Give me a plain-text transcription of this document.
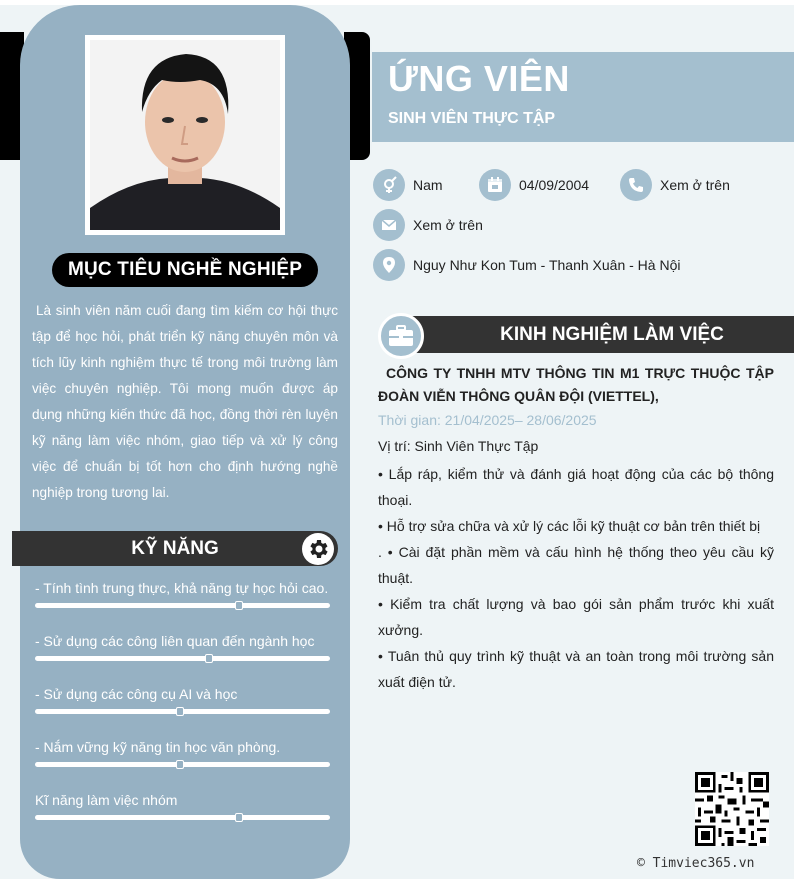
MỤC TIÊU NGHỀ NGHIỆP
Là sinh viên năm cuối đang tìm kiếm cơ hội thực tập để học hỏi, phát triển kỹ năng chuyên môn và tích lũy kinh nghiệm thực tế trong môi trường làm việc chuyên nghiệp. Tôi mong muốn được áp dụng những kiến thức đã học, đồng thời rèn luyện kỹ năng làm việc nhóm, giao tiếp và xử lý công việc để chuẩn bị tốt hơn cho định hướng nghề nghiệp trong tương lai.
KỸ NĂNG
- Tính tình trung thực, khả năng tự học hỏi cao.
- Sử dụng các công liên quan đến ngành học
- Sử dụng các công cụ AI và học
- Nắm vững kỹ năng tin học văn phòng.
Kĩ năng làm việc nhóm
ỨNG VIÊN
SINH VIÊN THỰC TẬP
Nam	04/09/2004	Xem ở trên
Xem ở trên
Nguy Như Kon Tum - Thanh Xuân - Hà Nội
KINH NGHIỆM LÀM VIỆC
CÔNG TY TNHH MTV THÔNG TIN M1 TRỰC THUỘC TẬP ĐOÀN VIỄN THÔNG QUÂN ĐỘI (VIETTEL),
Thời gian: 21/04/2025– 28/06/2025
Vị trí: Sinh Viên Thực Tập
• Lắp ráp, kiểm thử và đánh giá hoạt động của các bộ thông thoại.
• Hỗ trợ sửa chữa và xử lý các lỗi kỹ thuật cơ bản trên thiết bị
. • Cài đặt phần mềm và cấu hình hệ thống theo yêu cầu kỹ thuật.
• Kiểm tra chất lượng và bao gói sản phẩm trước khi xuất xưởng.
• Tuân thủ quy trình kỹ thuật và an toàn trong môi trường sản xuất điện tử.
© Timviec365.vn
